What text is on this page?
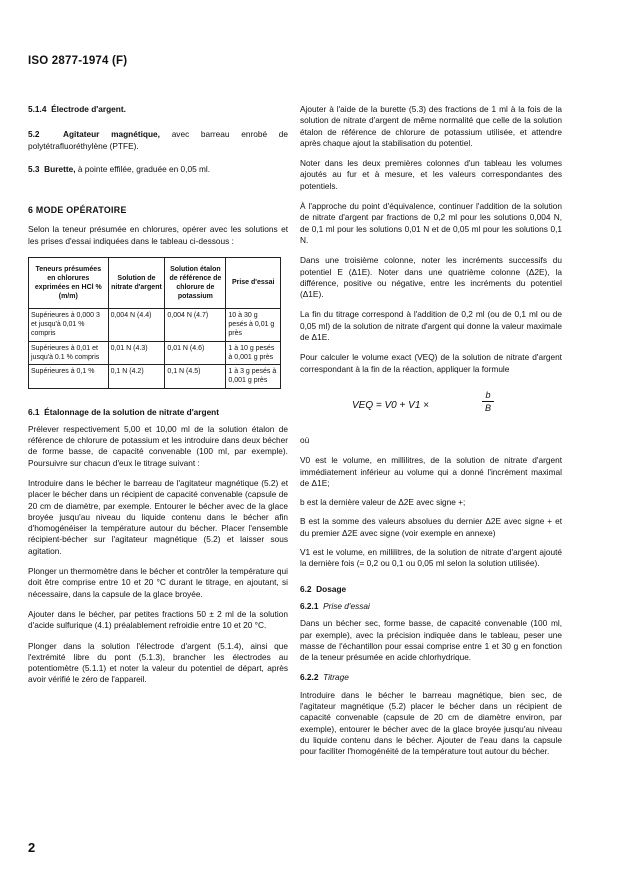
ISO 2877-1974 (F)
5.1.4 Électrode d'argent.

5.2	Agitateur magnétique, avec barreau enrobé de polytétrafluoréthylène (PTFE).

5.3 Burette, à pointe effilée, graduée en 0,05 ml.

6 MODE OPÉRATOIRE

Selon la teneur présumée en chlorures, opérer avec les solutions et les prises d'essai indiquées dans le tableau ci-dessous :

Teneurs présumées en chlorures exprimées en HCl % (m/m)	Solution de nitrate d'argent	Solution étalon de référence de chlorure de potassium	Prise d'essai
Supérieures à 0,000 3 et jusqu'à 0,01 % compris	0,004 N (4.4)	0,004 N (4.7)	10 à 30 g pesés à 0,01 g près
Supérieures à 0,01 et jusqu'à 0.1 % compris	0,01 N (4.3)	0,01 N (4.6)	1 à 10 g pesés à 0,001 g près
Supérieures à 0,1 %	0,1 N (4.2)	0,1 N (4.5)	1 à 3 g pesés à 0,001 g près
6.1 Étalonnage de la solution de nitrate d'argent

Prélever respectivement 5,00 et 10,00 ml de la solution étalon de référence de chlorure de potassium et les introduire dans deux bécher de forme basse, de capacité convenable (100 ml, par exemple). Poursuivre sur chacun d'eux le titrage suivant :

Introduire dans le bécher le barreau de l'agitateur magnétique (5.2) et placer le bécher dans un récipient de capacité convenable (capsule de 20 cm de diamètre, par exemple. Entourer le bécher avec de la glace broyée jusqu'au niveau du liquide contenu dans le bécher afin d'homogénéiser la température autour du bécher. Placer l'ensemble récipient-bécher sur l'agitateur magnétique (5.2) et laisser sous agitation.

Plonger un thermomètre dans le bécher et contrôler la température qui doit être comprise entre 10 et 20 °C durant le titrage, en ajoutant, si nécessaire, dans la capsule de la glace broyée.

Ajouter dans le bécher, par petites fractions 50 ± 2 ml de la solution d'acide sulfurique (4.1) préalablement refroidie entre 10 et 20 °C.

Plonger dans la solution l'électrode d'argent (5.1.4), ainsi que l'extrémité libre du pont (5.1.3), brancher les électrodes au potentiomètre (5.1.1) et noter la valeur du potentiel de départ, après avoir vérifié le zéro de l'appareil.

Ajouter à l'aide de la burette (5.3) des fractions de 1 ml à la fois de la solution de nitrate d'argent de même normalité que celle de la solution étalon de référence de chlorure de potassium utilisée, et attendre après chaque ajout la stabilisation du potentiel.

Noter dans les deux premières colonnes d'un tableau les volumes ajoutés au fur et à mesure, et les valeurs correspondantes des potentiels.

À l'approche du point d'équivalence, continuer l'addition de la solution de nitrate d'argent par fractions de 0,2 ml pour les solutions 0,004 N, de 0,1 ml pour les solutions 0,01 N et de 0,05 ml pour les solutions 0,1 N.

Dans une troisième colonne, noter les incréments successifs du potentiel E (Δ1E). Noter dans une quatrième colonne (Δ2E), la différence, positive ou négative, entre les incréments du potentiel (Δ1E).

La fin du titrage correspond à l'addition de 0,2 ml (ou de 0,1 ml ou de 0,05 ml) de la solution de nitrate d'argent qui donne la valeur maximale de Δ1E.

Pour calculer le volume exact (VEQ) de la solution de nitrate d'argent correspondant à la fin de la réaction, appliquer la formule

VEQ = V0 + V1 ×	$\frac{b}{B}$

où

V0 est le volume, en millilitres, de la solution de nitrate d'argent immédiatement inférieur au volume qui a donné l'incrément maximal de Δ1E;

b est la dernière valeur de Δ2E avec signe +;

B est la somme des valeurs absolues du dernier Δ2E avec signe + et du premier Δ2E avec signe (voir exemple en annexe)

V1 est le volume, en millilitres, de la solution de nitrate d'argent ajouté la dernière fois (= 0,2 ou 0,1 ou 0,05 ml selon la solution utilisée).

6.2 Dosage
6.2.1 Prise d'essai

Dans un bécher sec, forme basse, de capacité convenable (100 ml, par exemple), avec la précision indiquée dans le tableau, peser une masse de l'échantillon pour essai comprise entre 1 et 30 g en fonction de la teneur présumée en acide chlorhydrique.

6.2.2 Titrage

Introduire dans le bécher le barreau magnétique, bien sec, de l'agitateur magnétique (5.2) placer le bécher dans un récipient de capacité convenable (capsule de 20 cm de diamètre environ, par exemple), entourer le bécher avec de la glace broyée jusqu'au niveau du liquide contenu dans le bécher. Ajouter de l'eau dans la capsule pour faciliter l'homogénéité de la température tout autour du bécher.

2
